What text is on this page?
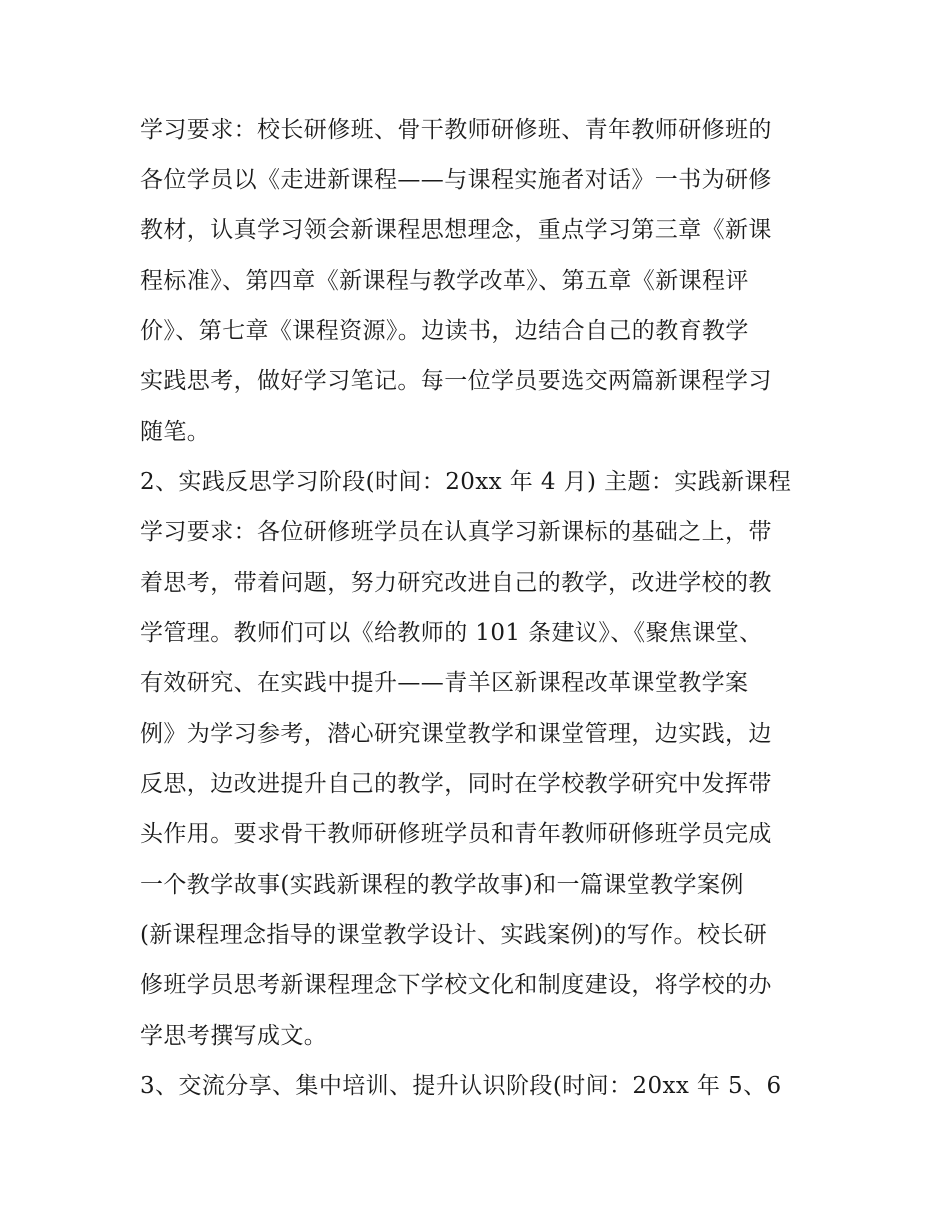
学习要求：校长研修班、骨干教师研修班、青年教师研修班的
各位学员以《走进新课程——与课程实施者对话》一书为研修
教材，认真学习领会新课程思想理念，重点学习第三章《新课
程标准》、第四章《新课程与教学改革》、第五章《新课程评
价》、第七章《课程资源》。边读书，边结合自己的教育教学
实践思考，做好学习笔记。每一位学员要选交两篇新课程学习
随笔。
2、实践反思学习阶段(时间：20xx 年 4 月) 主题：实践新课程
学习要求：各位研修班学员在认真学习新课标的基础之上，带
着思考，带着问题，努力研究改进自己的教学，改进学校的教
学管理。教师们可以《给教师的 101 条建议》、《聚焦课堂、
有效研究、在实践中提升——青羊区新课程改革课堂教学案
例》为学习参考，潜心研究课堂教学和课堂管理，边实践，边
反思，边改进提升自己的教学，同时在学校教学研究中发挥带
头作用。要求骨干教师研修班学员和青年教师研修班学员完成
一个教学故事(实践新课程的教学故事)和一篇课堂教学案例
(新课程理念指导的课堂教学设计、实践案例)的写作。校长研
修班学员思考新课程理念下学校文化和制度建设，将学校的办
学思考撰写成文。
3、交流分享、集中培训、提升认识阶段(时间：20xx 年 5、6
